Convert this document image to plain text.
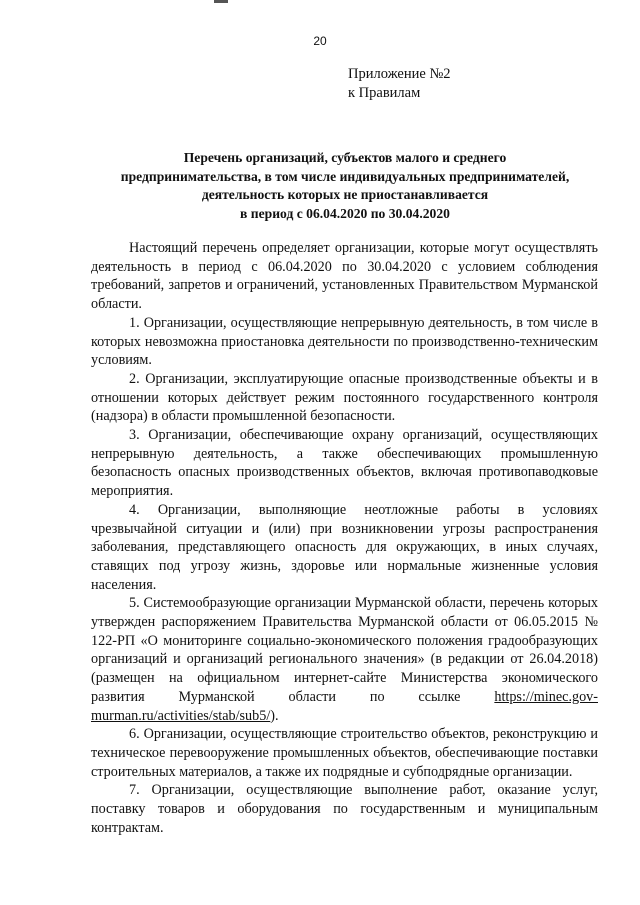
20
Приложение №2
к Правилам
Перечень организаций, субъектов малого и среднего
предпринимательства, в том числе индивидуальных предпринимателей,
деятельность которых не приостанавливается
в период с 06.04.2020 по 30.04.2020

Настоящий перечень определяет организации, которые могут осуществлять деятельность в период с 06.04.2020 по 30.04.2020 с условием соблюдения требований, запретов и ограничений, установленных Правительством Мурманской области.

1. Организации, осуществляющие непрерывную деятельность, в том числе в которых невозможна приостановка деятельности по производственно-техническим условиям.

2. Организации, эксплуатирующие опасные производственные объекты и в отношении которых действует режим постоянного государственного контроля (надзора) в области промышленной безопасности.

3. Организации, обеспечивающие охрану организаций, осуществляющих непрерывную деятельность, а также обеспечивающих промышленную безопасность опасных производственных объектов, включая противопаводковые мероприятия.

4. Организации, выполняющие неотложные работы в условиях чрезвычайной ситуации и (или) при возникновении угрозы распространения заболевания, представляющего опасность для окружающих, в иных случаях, ставящих под угрозу жизнь, здоровье или нормальные жизненные условия населения.

5. Системообразующие организации Мурманской области, перечень которых утвержден распоряжением Правительства Мурманской области от 06.05.2015 № 122-РП «О мониторинге социально-экономического положения градообразующих организаций и организаций регионального значения» (в редакции от 26.04.2018) (размещен на официальном интернет-сайте Министерства экономического развития Мурманской области по ссылке https://minec.gov-murman.ru/activities/stab/sub5/).

6. Организации, осуществляющие строительство объектов, реконструкцию и техническое перевооружение промышленных объектов, обеспечивающие поставки строительных материалов, а также их подрядные и субподрядные организации.

7. Организации, осуществляющие выполнение работ, оказание услуг, поставку товаров и оборудования по государственным и муниципальным контрактам.
